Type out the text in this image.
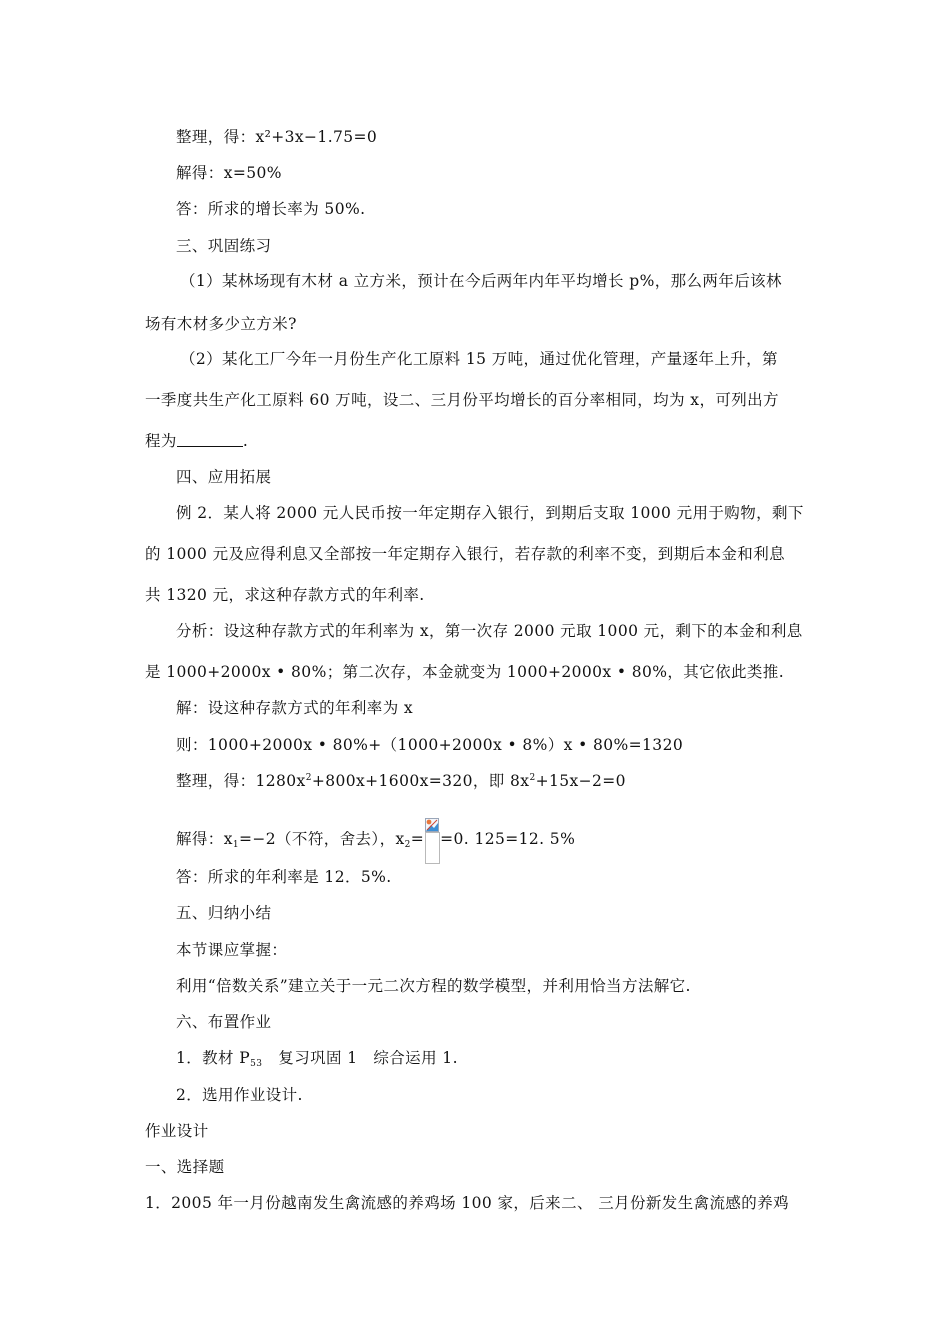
整理，得：x²+3x−1.75=0
解得：x=50%
答：所求的增长率为 50%.
三、巩固练习
（1）某林场现有木材 a 立方米，预计在今后两年内年平均增长 p%，那么两年后该林
场有木材多少立方米?
（2）某化工厂今年一月份生产化工原料 15 万吨，通过优化管理，产量逐年上升，第
一季度共生产化工原料 60 万吨，设二、三月份平均增长的百分率相同，均为 x，可列出方
程为	.
四、应用拓展
例 2．某人将 2000 元人民币按一年定期存入银行，到期后支取 1000 元用于购物，剩下
的 1000 元及应得利息又全部按一年定期存入银行，若存款的利率不变，到期后本金和利息
共 1320 元，求这种存款方式的年利率.
分析：设这种存款方式的年利率为 x，第一次存 2000 元取 1000 元，剩下的本金和利息
是 1000+2000x • 80%；第二次存，本金就变为 1000+2000x • 80%，其它依此类推.
解：设这种存款方式的年利率为 x
则：1000+2000x • 80%+（1000+2000x • 8%）x • 80%=1320
整理，得：$1280x^2+800x+1600x=320$，即 $8x^2+15x-2=0$
解得：$x_1=-2$（不符，舍去），$x_2= =0$. 125=12. 5%
答：所求的年利率是 12．5%.
五、归纳小结
本节课应掌握：
利用“倍数关系”建立关于一元二次方程的数学模型，并利用恰当方法解它.
六、布置作业
1．教材 $P_{53}$　复习巩固 1　综合运用 1.
2．选用作业设计.
作业设计
一、选择题
1．2005 年一月份越南发生禽流感的养鸡场 100 家，后来二、 三月份新发生禽流感的养鸡
